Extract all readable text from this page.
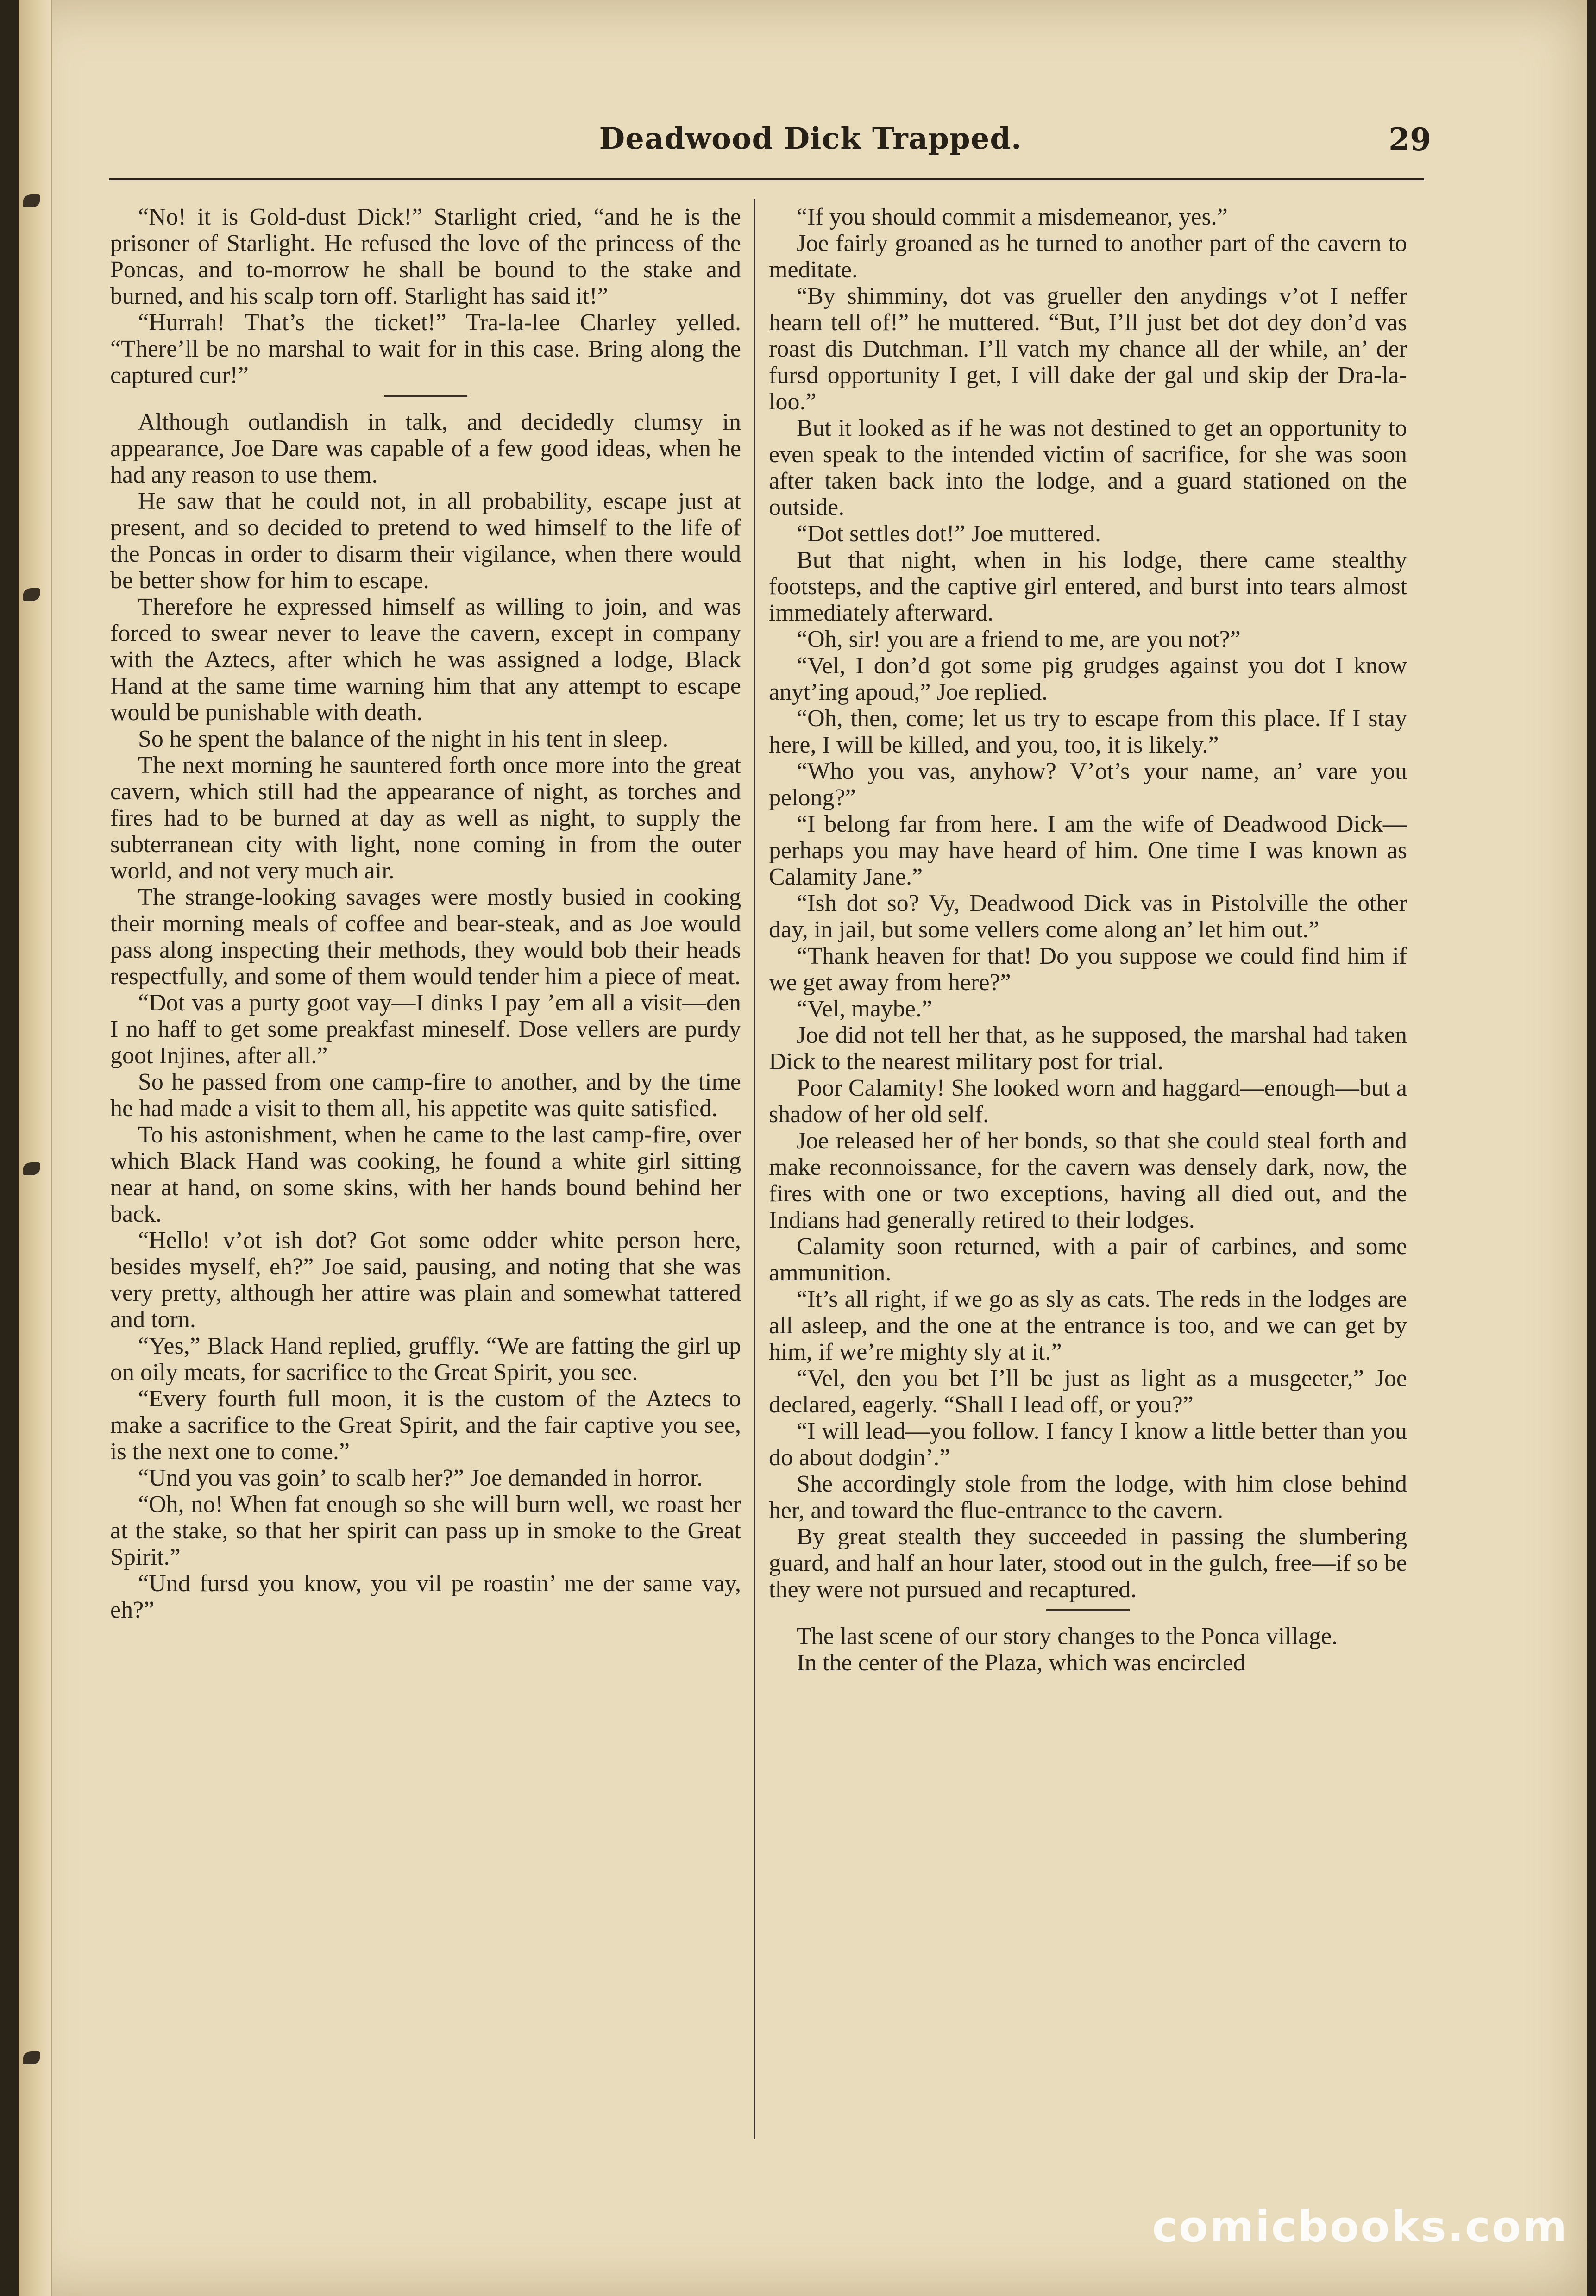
Deadwood Dick Trapped.	29

“No! it is Gold-dust Dick!” Starlight cried, “and he is the prisoner of Starlight. He refused the love of the princess of the Poncas, and to-morrow he shall be bound to the stake and burned, and his scalp torn off. Starlight has said it!”

“Hurrah! That’s the ticket!” Tra-la-lee Charley yelled. “There’ll be no marshal to wait for in this case. Bring along the captured cur!”

Although outlandish in talk, and decidedly clumsy in appearance, Joe Dare was capable of a few good ideas, when he had any reason to use them.

He saw that he could not, in all probability, escape just at present, and so decided to pretend to wed himself to the life of the Poncas in order to disarm their vigilance, when there would be better show for him to escape.

Therefore he expressed himself as willing to join, and was forced to swear never to leave the cavern, except in company with the Aztecs, after which he was assigned a lodge, Black Hand at the same time warning him that any attempt to escape would be punishable with death.

So he spent the balance of the night in his tent in sleep.

The next morning he sauntered forth once more into the great cavern, which still had the appearance of night, as torches and fires had to be burned at day as well as night, to supply the subterranean city with light, none coming in from the outer world, and not very much air.

The strange-looking savages were mostly busied in cooking their morning meals of coffee and bear-steak, and as Joe would pass along inspecting their methods, they would bob their heads respectfully, and some of them would tender him a piece of meat.

“Dot vas a purty goot vay—I dinks I pay ’em all a visit—den I no haff to get some preakfast mineself. Dose vellers are purdy goot Injines, after all.”

So he passed from one camp-fire to another, and by the time he had made a visit to them all, his appetite was quite satisfied.

To his astonishment, when he came to the last camp-fire, over which Black Hand was cooking, he found a white girl sitting near at hand, on some skins, with her hands bound behind her back.

“Hello! v’ot ish dot? Got some odder white person here, besides myself, eh?” Joe said, pausing, and noting that she was very pretty, although her attire was plain and somewhat tattered and torn.

“Yes,” Black Hand replied, gruffly. “We are fatting the girl up on oily meats, for sacrifice to the Great Spirit, you see.

“Every fourth full moon, it is the custom of the Aztecs to make a sacrifice to the Great Spirit, and the fair captive you see, is the next one to come.”

“Und you vas goin’ to scalb her?” Joe demanded in horror.

“Oh, no! When fat enough so she will burn well, we roast her at the stake, so that her spirit can pass up in smoke to the Great Spirit.”

“Und fursd you know, you vil pe roastin’ me der same vay, eh?”

“If you should commit a misdemeanor, yes.”

Joe fairly groaned as he turned to another part of the cavern to meditate.

“By shimminy, dot vas grueller den anydings v’ot I neffer hearn tell of!” he muttered. “But, I’ll just bet dot dey don’d vas roast dis Dutchman. I’ll vatch my chance all der while, an’ der fursd opportunity I get, I vill dake der gal und skip der Dra-la-loo.”

But it looked as if he was not destined to get an opportunity to even speak to the intended victim of sacrifice, for she was soon after taken back into the lodge, and a guard stationed on the outside.

“Dot settles dot!” Joe muttered.

But that night, when in his lodge, there came stealthy footsteps, and the captive girl entered, and burst into tears almost immediately afterward.

“Oh, sir! you are a friend to me, are you not?”

“Vel, I don’d got some pig grudges against you dot I know anyt’ing apoud,” Joe replied.

“Oh, then, come; let us try to escape from this place. If I stay here, I will be killed, and you, too, it is likely.”

“Who you vas, anyhow? V’ot’s your name, an’ vare you pelong?”

“I belong far from here. I am the wife of Deadwood Dick—perhaps you may have heard of him. One time I was known as Calamity Jane.”

“Ish dot so? Vy, Deadwood Dick vas in Pistolville the other day, in jail, but some vellers come along an’ let him out.”

“Thank heaven for that! Do you suppose we could find him if we get away from here?”

“Vel, maybe.”

Joe did not tell her that, as he supposed, the marshal had taken Dick to the nearest military post for trial.

Poor Calamity! She looked worn and haggard—enough—but a shadow of her old self.

Joe released her of her bonds, so that she could steal forth and make reconnoissance, for the cavern was densely dark, now, the fires with one or two exceptions, having all died out, and the Indians had generally retired to their lodges.

Calamity soon returned, with a pair of carbines, and some ammunition.

“It’s all right, if we go as sly as cats. The reds in the lodges are all asleep, and the one at the entrance is too, and we can get by him, if we’re mighty sly at it.”

“Vel, den you bet I’ll be just as light as a musgeeter,” Joe declared, eagerly. “Shall I lead off, or you?”

“I will lead—you follow. I fancy I know a little better than you do about dodgin’.”

She accordingly stole from the lodge, with him close behind her, and toward the flue-entrance to the cavern.

By great stealth they succeeded in passing the slumbering guard, and half an hour later, stood out in the gulch, free—if so be they were not pursued and recaptured.

The last scene of our story changes to the Ponca village.

In the center of the Plaza, which was encircled

comicbooks.com
